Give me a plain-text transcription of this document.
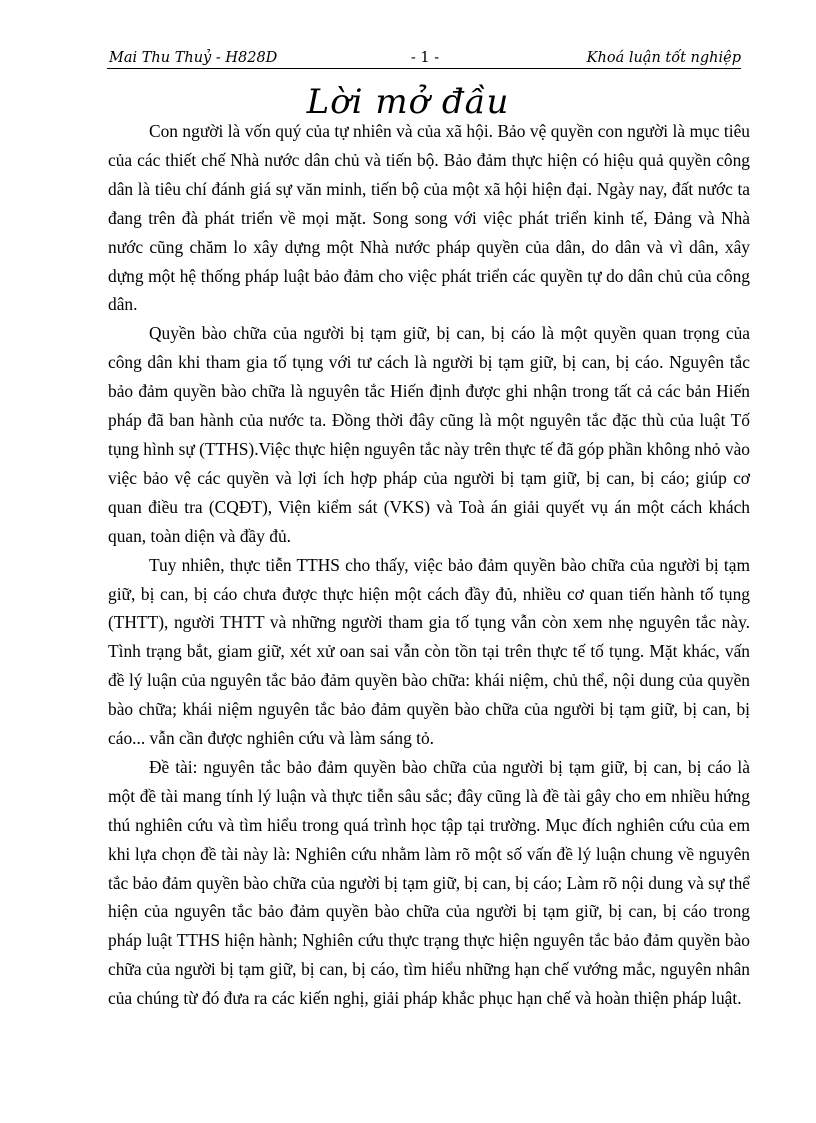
Mai Thu Thuỷ - H828D	- 1 -	Khoá luận tốt nghiệp
Lời mở đầu

Con người là vốn quý của tự nhiên và của xã hội. Bảo vệ quyền con người là mục tiêu của các thiết chế Nhà nước dân chủ và tiến bộ. Bảo đảm thực hiện có hiệu quả quyền công dân là tiêu chí đánh giá sự văn minh, tiến bộ của một xã hội hiện đại. Ngày nay, đất nước ta đang trên đà phát triển về mọi mặt. Song song với việc phát triển kinh tế, Đảng và Nhà nước cũng chăm lo xây dựng một Nhà nước pháp quyền của dân, do dân và vì dân, xây dựng một hệ thống pháp luật bảo đảm cho việc phát triển các quyền tự do dân chủ của công dân.

Quyền bào chữa của người bị tạm giữ, bị can, bị cáo là một quyền quan trọng của công dân khi tham gia tố tụng với tư cách là người bị tạm giữ, bị can, bị cáo. Nguyên tắc bảo đảm quyền bào chữa là nguyên tắc Hiến định được ghi nhận trong tất cả các bản Hiến pháp đã ban hành của nước ta. Đồng thời đây cũng là một nguyên tắc đặc thù của luật Tố tụng hình sự (TTHS).Việc thực hiện nguyên tắc này trên thực tế đã góp phần không nhỏ vào việc bảo vệ các quyền và lợi ích hợp pháp của người bị tạm giữ, bị can, bị cáo; giúp cơ quan điều tra (CQĐT), Viện kiểm sát (VKS) và Toà án giải quyết vụ án một cách khách quan, toàn diện và đầy đủ.

Tuy nhiên, thực tiễn TTHS cho thấy, việc bảo đảm quyền bào chữa của người bị tạm giữ, bị can, bị cáo chưa được thực hiện một cách đầy đủ, nhiều cơ quan tiến hành tố tụng (THTT), người THTT và những người tham gia tố tụng vẫn còn xem nhẹ nguyên tắc này. Tình trạng bắt, giam giữ, xét xử oan sai vẫn còn tồn tại trên thực tế tố tụng. Mặt khác, vấn đề lý luận của nguyên tắc bảo đảm quyền bào chữa: khái niệm, chủ thể, nội dung của quyền bào chữa; khái niệm nguyên tắc bảo đảm quyền bào chữa của người bị tạm giữ, bị can, bị cáo... vẫn cần được nghiên cứu và làm sáng tỏ.

Đề tài: nguyên tắc bảo đảm quyền bào chữa của người bị tạm giữ, bị can, bị cáo là một đề tài mang tính lý luận và thực tiễn sâu sắc; đây cũng là đề tài gây cho em nhiều hứng thú nghiên cứu và tìm hiểu trong quá trình học tập tại trường. Mục đích nghiên cứu của em khi lựa chọn đề tài này là: Nghiên cứu nhằm làm rõ một số vấn đề lý luận chung về nguyên tắc bảo đảm quyền bào chữa của người bị tạm giữ, bị can, bị cáo; Làm rõ nội dung và sự thể hiện của nguyên tắc bảo đảm quyền bào chữa của người bị tạm giữ, bị can, bị cáo trong pháp luật TTHS hiện hành; Nghiên cứu thực trạng thực hiện nguyên tắc bảo đảm quyền bào chữa của người bị tạm giữ, bị can, bị cáo, tìm hiểu những hạn chế vướng mắc, nguyên nhân của chúng từ đó đưa ra các kiến nghị, giải pháp khắc phục hạn chế và hoàn thiện pháp luật.
